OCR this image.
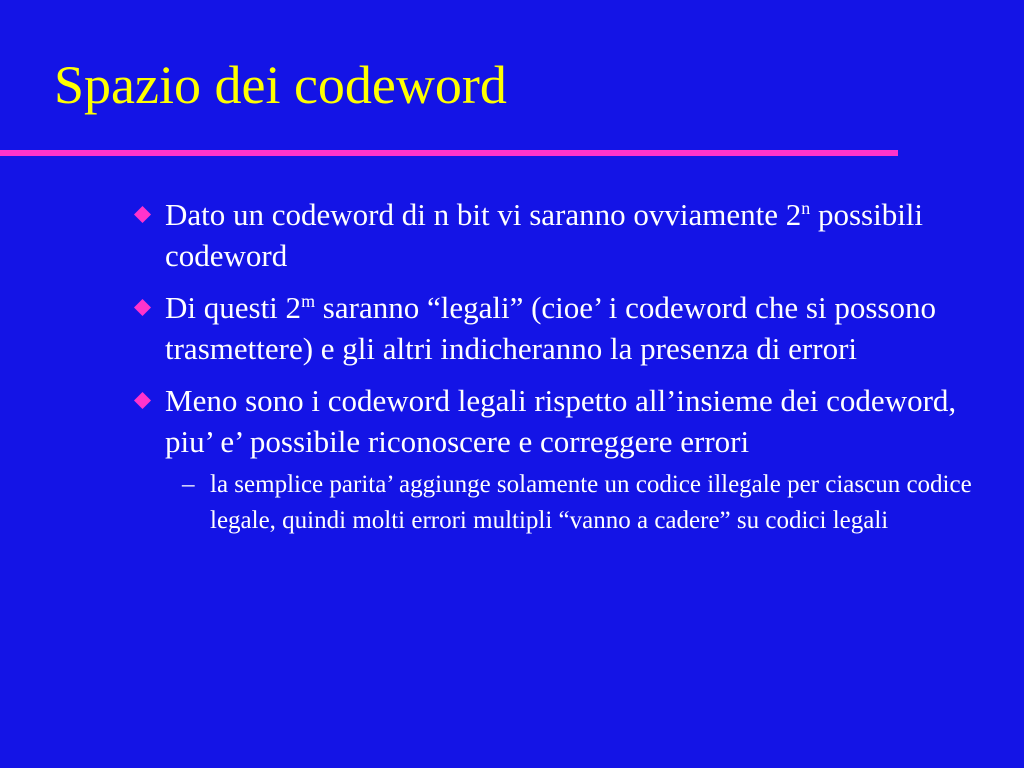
Spazio dei codeword
Dato un codeword di n bit vi saranno ovviamente 2$^n$ possibili codeword
Di questi 2$^m$ saranno “legali” (cioe’ i codeword che si possono trasmettere) e gli altri indicheranno la presenza di errori
Meno sono i codeword legali rispetto all’insieme dei codeword, piu’ e’ possibile riconoscere e correggere errori
– la semplice parita’ aggiunge solamente un codice illegale per ciascun codice legale, quindi molti errori multipli “vanno a cadere” su codici legali
